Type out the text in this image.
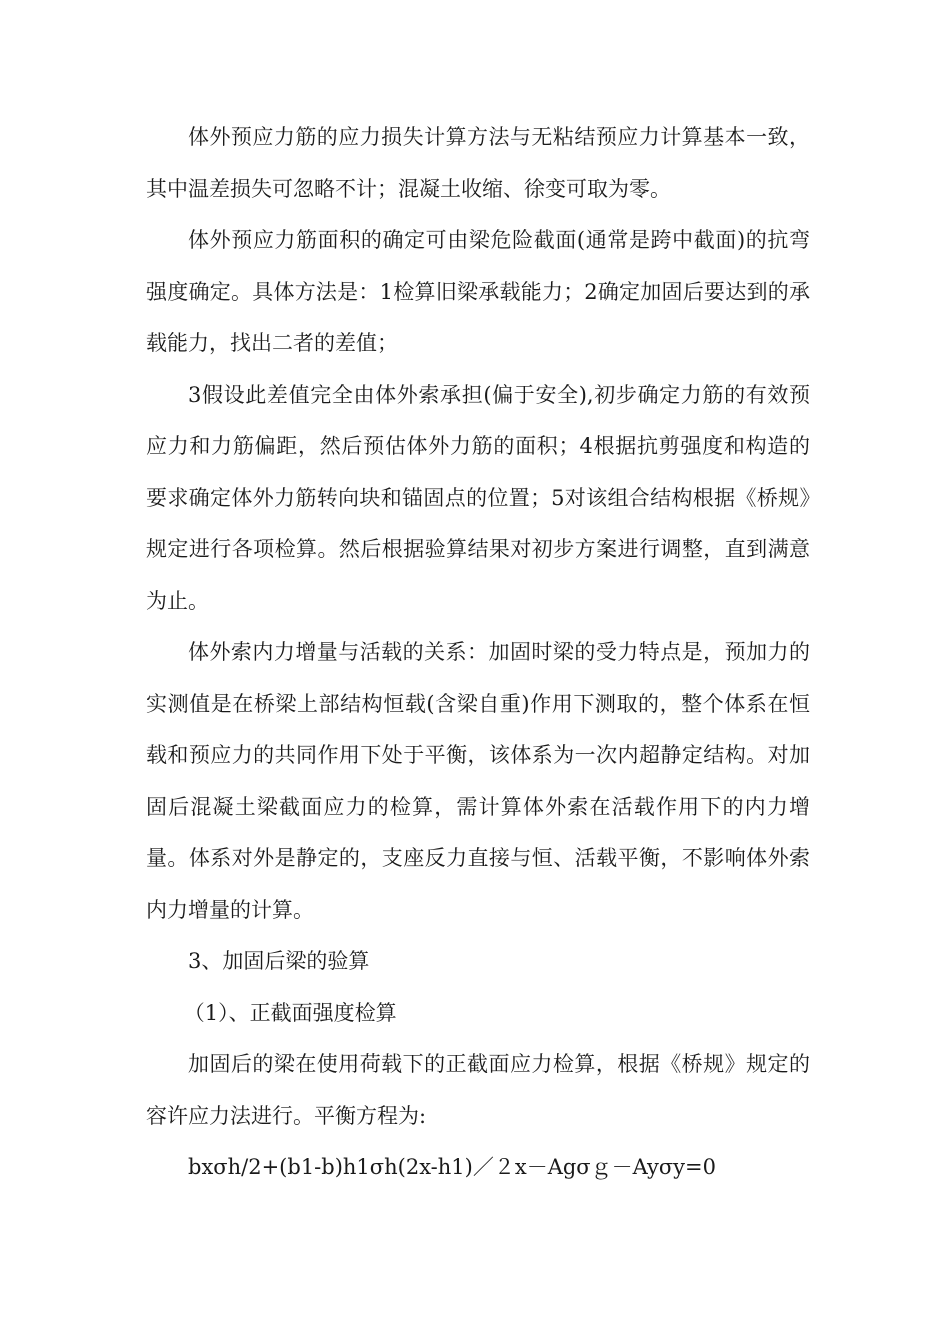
体外预应力筋的应力损失计算方法与无粘结预应力计算基本一致，其中温差损失可忽略不计；混凝土收缩、徐变可取为零。

体外预应力筋面积的确定可由梁危险截面(通常是跨中截面)的抗弯强度确定。具体方法是：1检算旧梁承载能力；2确定加固后要达到的承载能力，找出二者的差值；

3假设此差值完全由体外索承担(偏于安全),初步确定力筋的有效预应力和力筋偏距，然后预估体外力筋的面积；4根据抗剪强度和构造的要求确定体外力筋转向块和锚固点的位置；5对该组合结构根据《桥规》规定进行各项检算。然后根据验算结果对初步方案进行调整，直到满意为止。

体外索内力增量与活载的关系：加固时梁的受力特点是，预加力的实测值是在桥梁上部结构恒载(含梁自重)作用下测取的，整个体系在恒载和预应力的共同作用下处于平衡，该体系为一次内超静定结构。对加固后混凝土梁截面应力的检算，需计算体外索在活载作用下的内力增量。体系对外是静定的，支座反力直接与恒、活载平衡，不影响体外索内力增量的计算。

3、加固后梁的验算

（1）、正截面强度检算

加固后的梁在使用荷载下的正截面应力检算，根据《桥规》规定的容许应力法进行。平衡方程为:

bxσh/2+(b1-b)h1σh(2x-h1)／２x－Agσｇ－Ayσy=0
